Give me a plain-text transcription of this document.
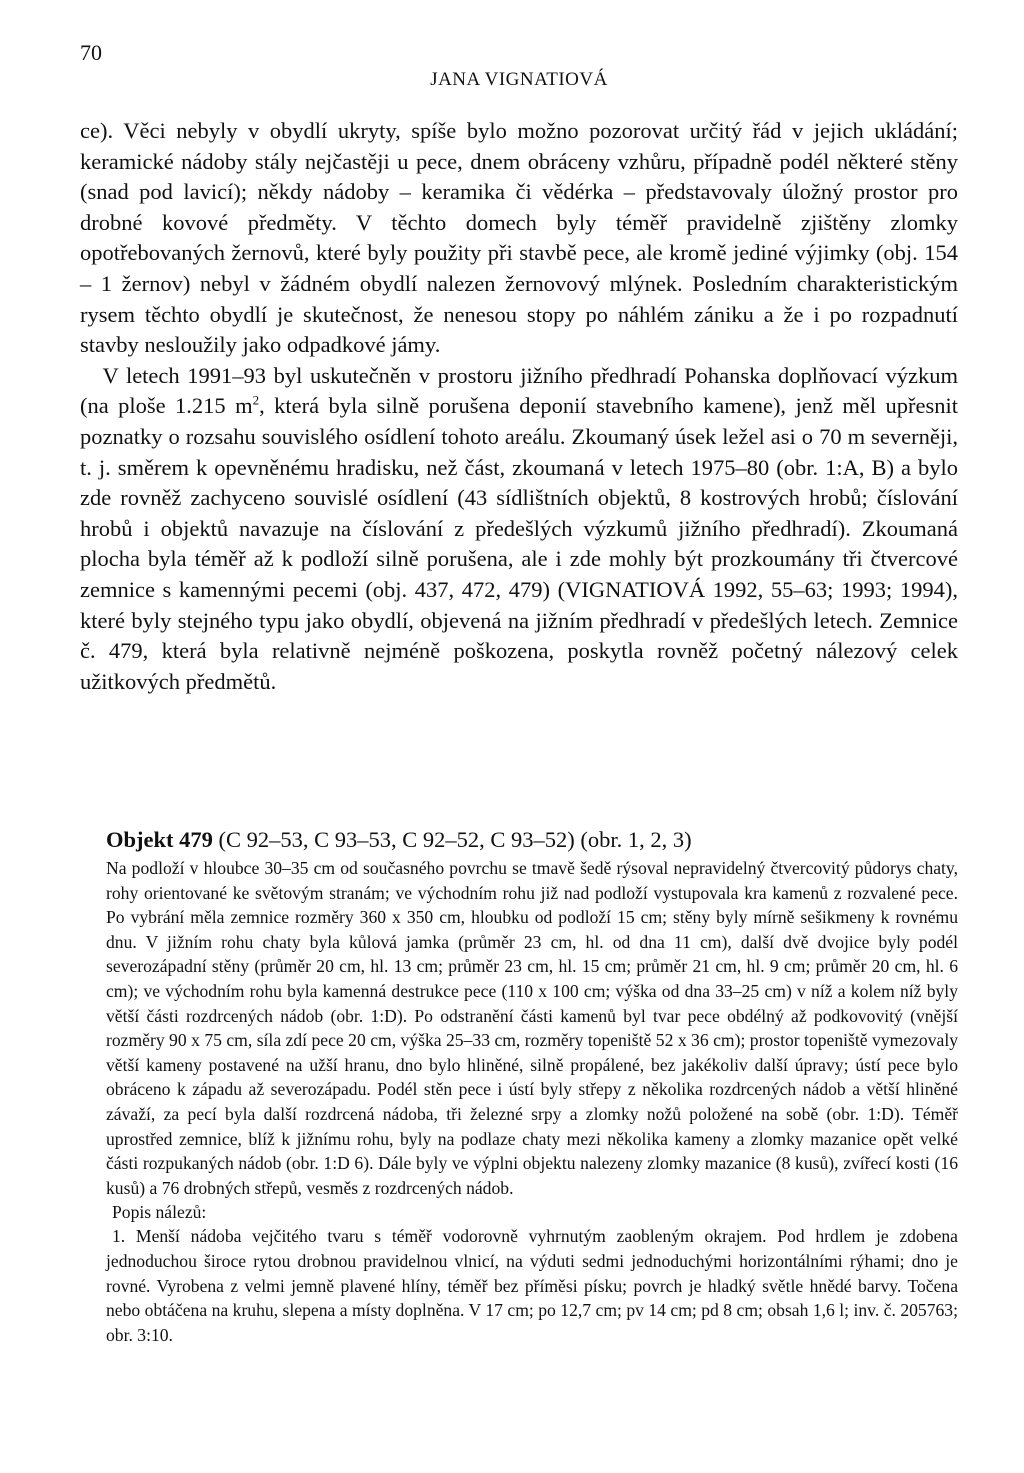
70
JANA VIGNATIOVÁ

ce). Věci nebyly v obydlí ukryty, spíše bylo možno pozorovat určitý řád v jejich ukládání; keramické nádoby stály nejčastěji u pece, dnem obráceny vzhůru, případně podél některé stěny (snad pod lavicí); někdy nádoby – keramika či vědérka – představovaly úložný prostor pro drobné kovové předměty. V těchto domech byly téměř pravidelně zjištěny zlomky opotřebovaných žernovů, které byly použity při stavbě pece, ale kromě jediné výjimky (obj. 154 – 1 žernov) nebyl v žádném obydlí nalezen žernovový mlýnek. Posledním charakteristickým rysem těchto obydlí je skutečnost, že nenesou stopy po náhlém zániku a že i po rozpadnutí stavby nesloužily jako odpadkové jámy.

 V letech 1991–93 byl uskutečněn v prostoru jižního předhradí Pohanska doplňovací výzkum (na ploše 1.215 $m^2$, která byla silně porušena deponií stavebního kamene), jenž měl upřesnit poznatky o rozsahu souvislého osídlení tohoto areálu. Zkoumaný úsek ležel asi o 70 m severněji, t. j. směrem k opevněnému hradisku, než část, zkoumaná v letech 1975–80 (obr. 1:A, B) a bylo zde rovněž zachyceno souvislé osídlení (43 sídlištních objektů, 8 kostrových hrobů; číslování hrobů i objektů navazuje na číslování z předešlých výzkumů jižního předhradí). Zkoumaná plocha byla téměř až k podloží silně porušena, ale i zde mohly být prozkoumány tři čtvercové zemnice s kamennými pecemi (obj. 437, 472, 479) (VIGNATIOVÁ 1992, 55–63; 1993; 1994), které byly stejného typu jako obydlí, objevená na jižním předhradí v předešlých letech. Zemnice č. 479, která byla relativně nejméně poškozena, poskytla rovněž početný nálezový celek užitkových předmětů.

Objekt 479 (C 92–53, C 93–53, C 92–52, C 93–52) (obr. 1, 2, 3)

Na podloží v hloubce 30–35 cm od současného povrchu se tmavě šedě rýsoval nepravidelný čtvercovitý půdorys chaty, rohy orientované ke světovým stranám; ve východním rohu již nad podloží vystupovala kra kamenů z rozvalené pece. Po vybrání měla zemnice rozměry 360 x 350 cm, hloubku od podloží 15 cm; stěny byly mírně sešikmeny k rovnému dnu. V jižním rohu chaty byla kůlová jamka (průměr 23 cm, hl. od dna 11 cm), další dvě dvojice byly podél severozápadní stěny (průměr 20 cm, hl. 13 cm; průměr 23 cm, hl. 15 cm; průměr 21 cm, hl. 9 cm; průměr 20 cm, hl. 6 cm); ve východním rohu byla kamenná destrukce pece (110 x 100 cm; výška od dna 33–25 cm) v níž a kolem níž byly větší části rozdrcených nádob (obr. 1:D). Po odstranění části kamenů byl tvar pece obdélný až podkovovitý (vnější rozměry 90 x 75 cm, síla zdí pece 20 cm, výška 25–33 cm, rozměry topeniště 52 x 36 cm); prostor topeniště vymezovaly větší kameny postavené na užší hranu, dno bylo hliněné, silně propálené, bez jakékoliv další úpravy; ústí pece bylo obráceno k západu až severozápadu. Podél stěn pece i ústí byly střepy z několika rozdrcených nádob a větší hliněné závaží, za pecí byla další rozdrcená nádoba, tři železné srpy a zlomky nožů položené na sobě (obr. 1:D). Téměř uprostřed zemnice, blíž k jižnímu rohu, byly na podlaze chaty mezi několika kameny a zlomky mazanice opět velké části rozpukaných nádob (obr. 1:D 6). Dále byly ve výplni objektu nalezeny zlomky mazanice (8 kusů), zvířecí kosti (16 kusů) a 76 drobných střepů, vesměs z rozdrcených nádob.

Popis nálezů:

1. Menší nádoba vejčitého tvaru s téměř vodorovně vyhrnutým zaobleným okrajem. Pod hrdlem je zdobena jednoduchou široce rytou drobnou pravidelnou vlnicí, na výduti sedmi jednoduchými horizontálními rýhami; dno je rovné. Vyrobena z velmi jemně plavené hlíny, téměř bez příměsi písku; povrch je hladký světle hnědé barvy. Točena nebo obtáčena na kruhu, slepena a místy doplněna. V 17 cm; po 12,7 cm; pv 14 cm; pd 8 cm; obsah 1,6 l; inv. č. 205763; obr. 3:10.
